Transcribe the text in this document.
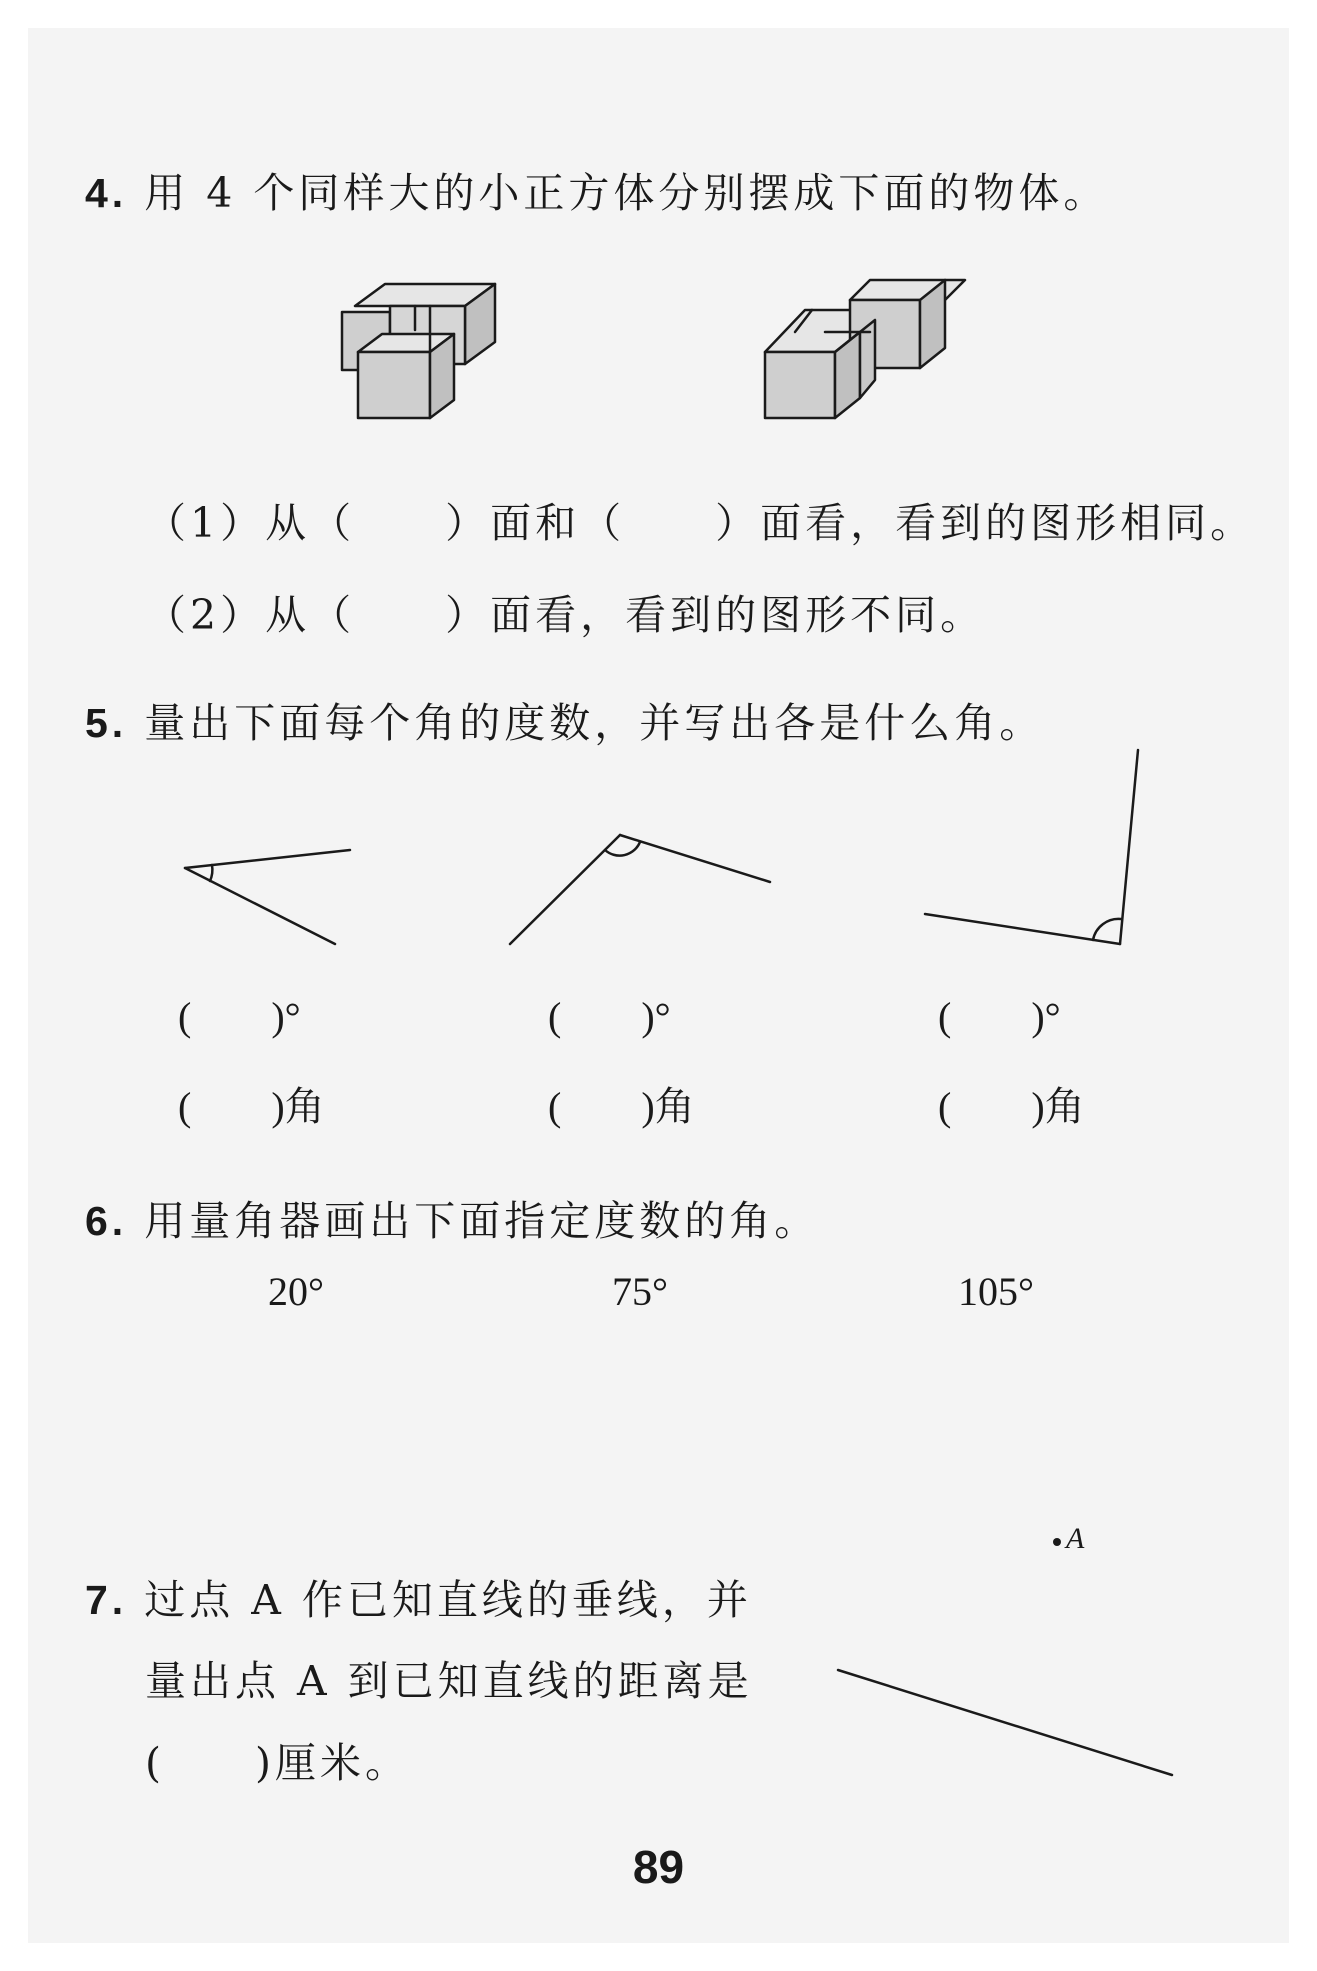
4. 用 4 个同样大的小正方体分别摆成下面的物体。
（1）从（　　）面和（　　）面看，看到的图形相同。
（2）从（　　）面看，看到的图形不同。
5. 量出下面每个角的度数，并写出各是什么角。
(　　)°	(　　)°	(　　)°
(　　)角	(　　)角	(　　)角
6. 用量角器画出下面指定度数的角。
20°	75°	105°
7. 过点 A 作已知直线的垂线，并
量出点 A 到已知直线的距离是
(　　)厘米。
A
89
